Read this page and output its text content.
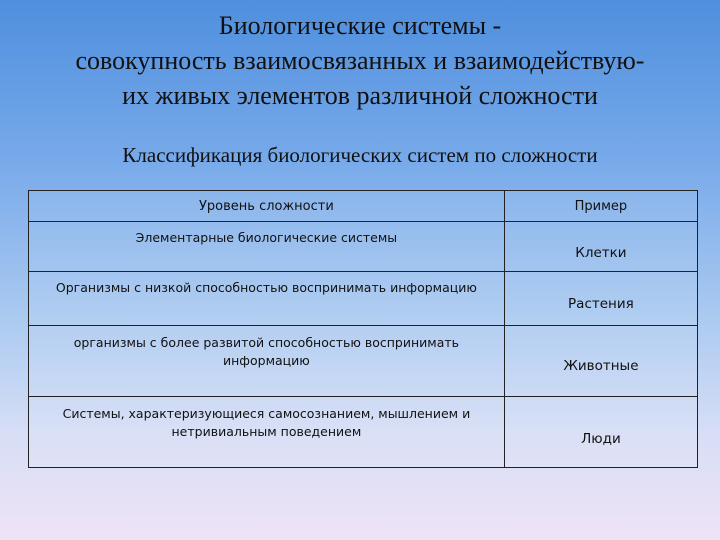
Биологические системы -
совокупность взаимосвязанных и взаимодействую-
их живых элементов различной сложности
Классификация биологических систем по сложности
Уровень сложности	Пример
Элементарные биологические системы	Клетки
Организмы с низкой способностью воспринимать информацию	Растения
организмы с более развитой способностью воспринимать информацию	Животные
Системы, характеризующиеся самосознанием, мышлением и нетривиальным поведением	Люди
